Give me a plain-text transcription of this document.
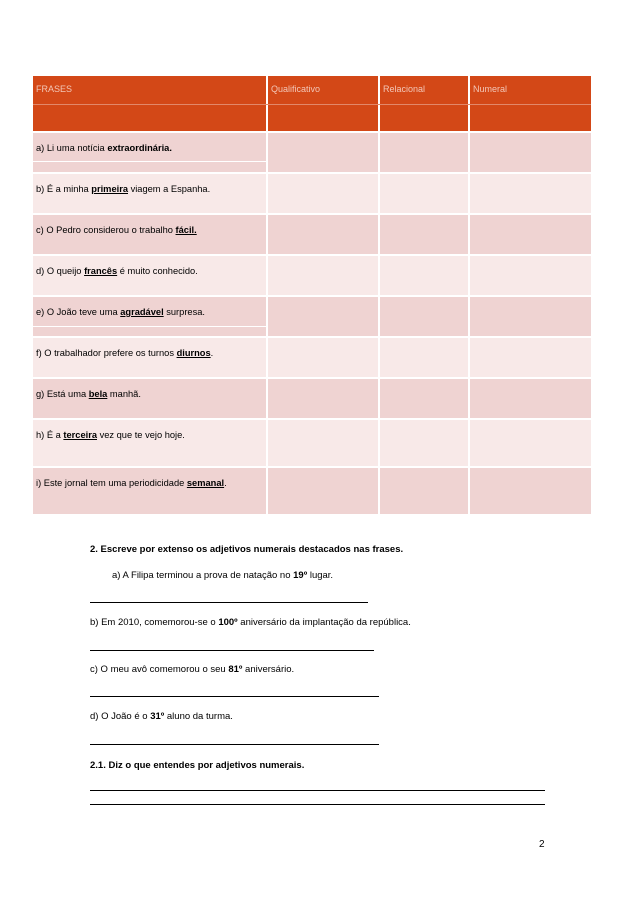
FRASES	Qualificativo	Relacional	Numeral
a) Li uma notícia extraordinária.
b) É a minha primeira viagem a Espanha.
c) O Pedro considerou o trabalho fácil.
d) O queijo francês é muito conhecido.
e) O João teve uma agradável surpresa.
f) O trabalhador prefere os turnos diurnos.
g) Está uma bela manhã.
h) É a terceira vez que te vejo hoje.
i) Este jornal tem uma periodicidade semanal.
2. Escreve por extenso os adjetivos numerais destacados nas frases.
a) A Filipa terminou a prova de natação no 19º lugar.
b) Em 2010, comemorou-se o 100º aniversário da implantação da república.
c) O meu avô comemorou o seu 81º aniversário.
d) O João é o 31º aluno da turma.
2.1. Diz o que entendes por adjetivos numerais.
2
